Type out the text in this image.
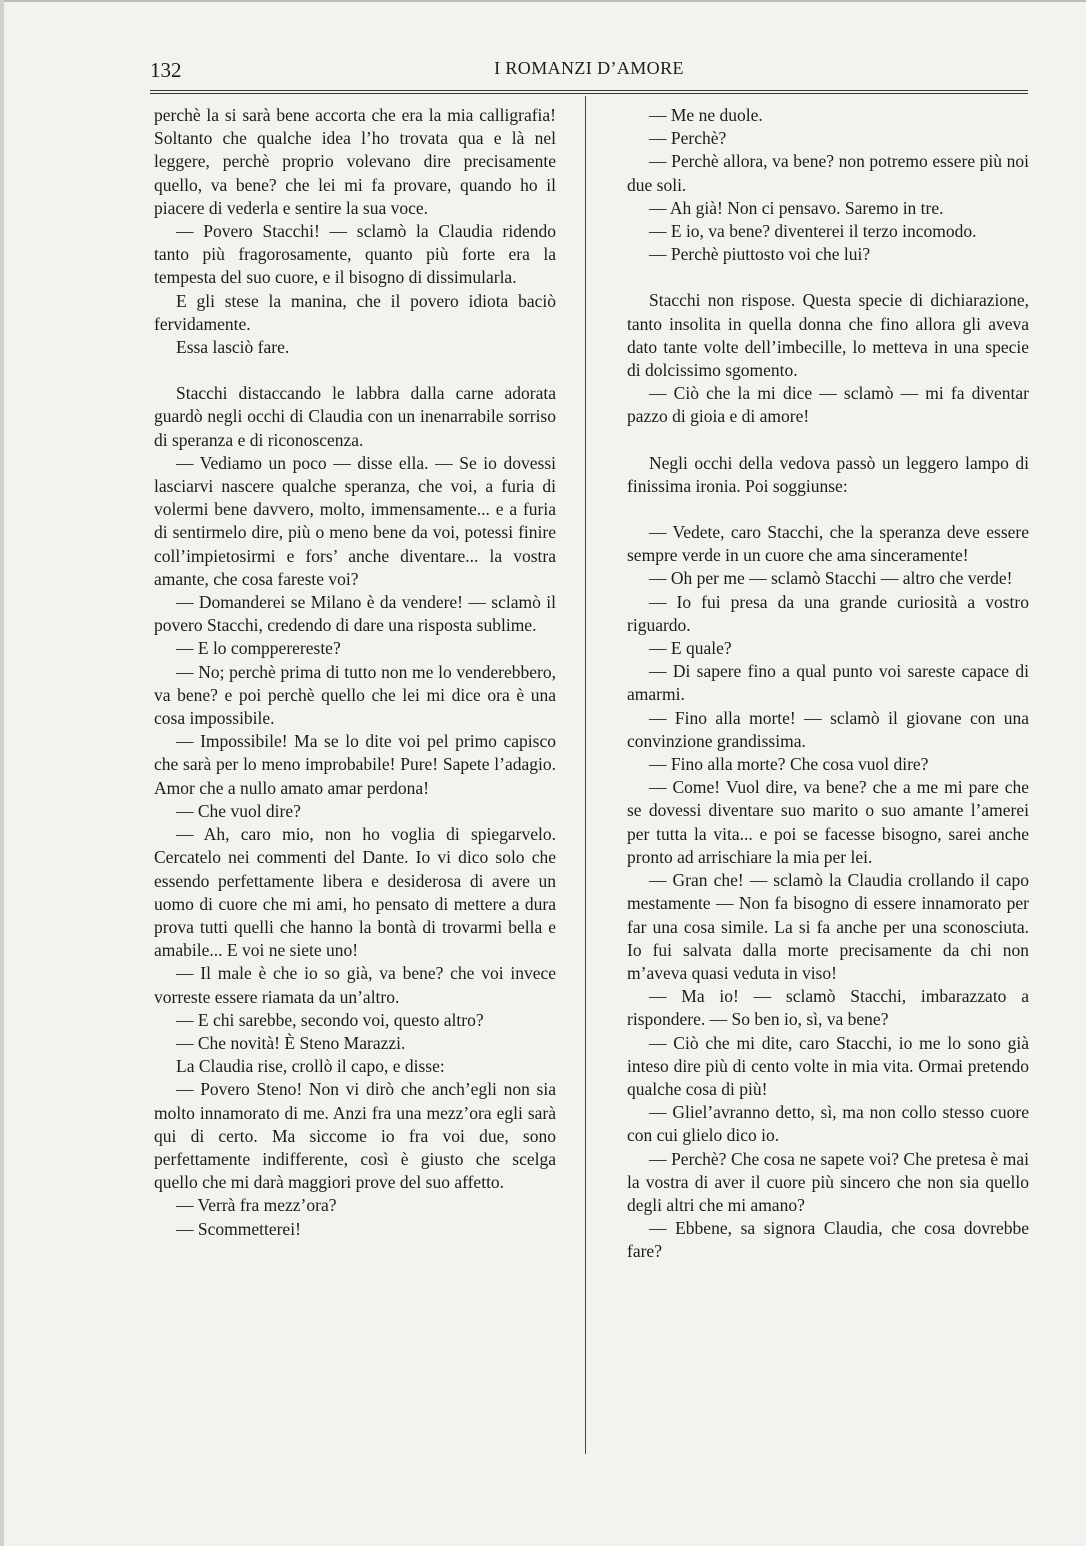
132	I ROMANZI D’AMORE

perchè la si sarà bene accorta che era la mia calligrafia! Soltanto che qualche idea l’ho trovata qua e là nel leggere, perchè proprio volevano dire precisamente quello, va bene? che lei mi fa provare, quando ho il piacere di vederla e sentire la sua voce.

— Povero Stacchi! — sclamò la Claudia ridendo tanto più fragorosamente, quanto più forte era la tempesta del suo cuore, e il bisogno di dissimularla.

E gli stese la manina, che il povero idiota baciò fervidamente.

Essa lasciò fare.

Stacchi distaccando le labbra dalla carne adorata guardò negli occhi di Claudia con un inenarrabile sorriso di speranza e di riconoscenza.

— Vediamo un poco — disse ella. — Se io dovessi lasciarvi nascere qualche speranza, che voi, a furia di volermi bene davvero, molto, immensamente... e a furia di sentirmelo dire, più o meno bene da voi, potessi finire coll’impietosirmi e fors’ anche diventare... la vostra amante, che cosa fareste voi?

— Domanderei se Milano è da vendere! — sclamò il povero Stacchi, credendo di dare una risposta sublime.

— E lo compperereste?

— No; perchè prima di tutto non me lo venderebbero, va bene? e poi perchè quello che lei mi dice ora è una cosa impossibile.

— Impossibile! Ma se lo dite voi pel primo capisco che sarà per lo meno improbabile! Pure! Sapete l’adagio. Amor che a nullo amato amar perdona!

— Che vuol dire?

— Ah, caro mio, non ho voglia di spiegarvelo. Cercatelo nei commenti del Dante. Io vi dico solo che essendo perfettamente libera e desiderosa di avere un uomo di cuore che mi ami, ho pensato di mettere a dura prova tutti quelli che hanno la bontà di trovarmi bella e amabile... E voi ne siete uno!

— Il male è che io so già, va bene? che voi invece vorreste essere riamata da un’altro.

— E chi sarebbe, secondo voi, questo altro?

— Che novità! È Steno Marazzi.

La Claudia rise, crollò il capo, e disse:

— Povero Steno! Non vi dirò che anch’egli non sia molto innamorato di me. Anzi fra una mezz’ora egli sarà qui di certo. Ma siccome io fra voi due, sono perfettamente indifferente, così è giusto che scelga quello che mi darà maggiori prove del suo affetto.

— Verrà fra mezz’ora?

— Scommetterei!

— Me ne duole.

— Perchè?

— Perchè allora, va bene? non potremo essere più noi due soli.

— Ah già! Non ci pensavo. Saremo in tre.

— E io, va bene? diventerei il terzo incomodo.

— Perchè piuttosto voi che lui?

Stacchi non rispose. Questa specie di dichiarazione, tanto insolita in quella donna che fino allora gli aveva dato tante volte dell’imbecille, lo metteva in una specie di dolcissimo sgomento.

— Ciò che la mi dice — sclamò — mi fa diventar pazzo di gioia e di amore!

Negli occhi della vedova passò un leggero lampo di finissima ironia. Poi soggiunse:

— Vedete, caro Stacchi, che la speranza deve essere sempre verde in un cuore che ama sinceramente!

— Oh per me — sclamò Stacchi — altro che verde!

— Io fui presa da una grande curiosità a vostro riguardo.

— E quale?

— Di sapere fino a qual punto voi sareste capace di amarmi.

— Fino alla morte! — sclamò il giovane con una convinzione grandissima.

— Fino alla morte? Che cosa vuol dire?

— Come! Vuol dire, va bene? che a me mi pare che se dovessi diventare suo marito o suo amante l’amerei per tutta la vita... e poi se facesse bisogno, sarei anche pronto ad arrischiare la mia per lei.

— Gran che! — sclamò la Claudia crollando il capo mestamente — Non fa bisogno di essere innamorato per far una cosa simile. La si fa anche per una sconosciuta. Io fui salvata dalla morte precisamente da chi non m’aveva quasi veduta in viso!

— Ma io! — sclamò Stacchi, imbarazzato a rispondere. — So ben io, sì, va bene?

— Ciò che mi dite, caro Stacchi, io me lo sono già inteso dire più di cento volte in mia vita. Ormai pretendo qualche cosa di più!

— Gliel’avranno detto, sì, ma non collo stesso cuore con cui glielo dico io.

— Perchè? Che cosa ne sapete voi? Che pretesa è mai la vostra di aver il cuore più sincero che non sia quello degli altri che mi amano?

— Ebbene, sa signora Claudia, che cosa dovrebbe fare?
